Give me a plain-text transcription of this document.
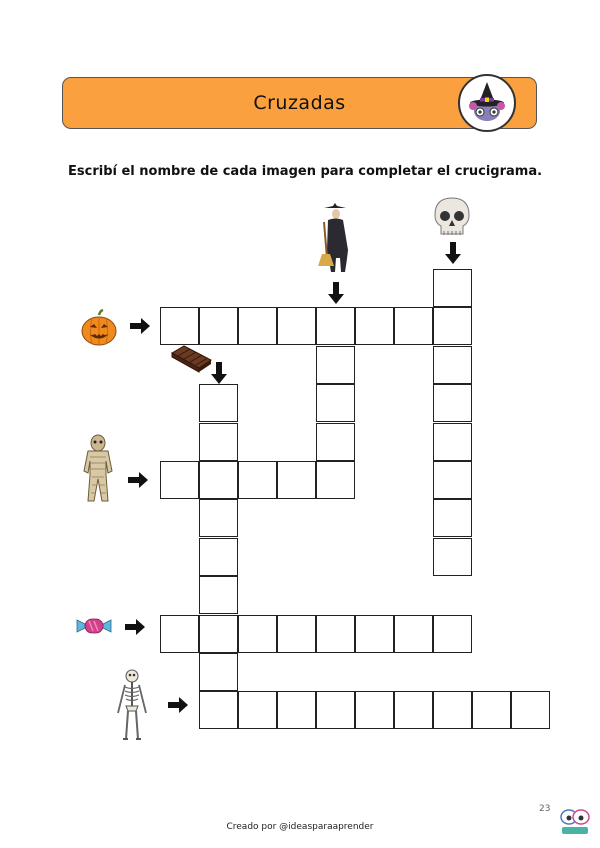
Cruzadas
Escribí el nombre de cada imagen para completar el crucigrama.
Creado por @ideasparaaprender
23
